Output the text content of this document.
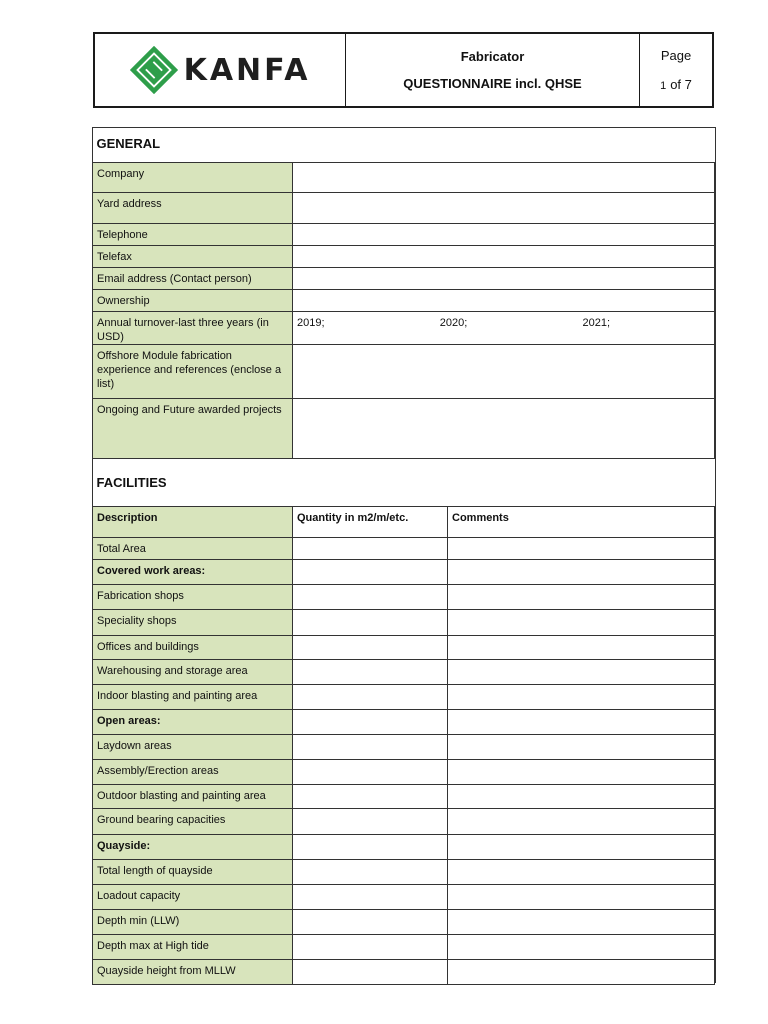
KANFA	Fabricator
QUESTIONNAIRE incl. QHSE
Page
1 of 7
GENERAL		
Company		
Yard address		
Telephone		
Telefax		
Email address (Contact person)		
Ownership		
Annual turnover-last three years (in USD)	2019; 2020; 2021;	

Offshore Module fabrication experience and references (enclose a list)		
Ongoing and Future awarded projects		
FACILITIES		
Description	Quantity in m2/m/etc.	Comments
Total Area		
Covered work areas:		
Fabrication shops		
Speciality shops		
Offices and buildings		
Warehousing and storage area		
Indoor blasting and painting area		
Open areas:		
Laydown areas		
Assembly/Erection areas		
Outdoor blasting and painting area		
Ground bearing capacities		
Quayside:		
Total length of quayside		
Loadout capacity		
Depth min (LLW)		
Depth max at High tide		
Quayside height from MLLW		
